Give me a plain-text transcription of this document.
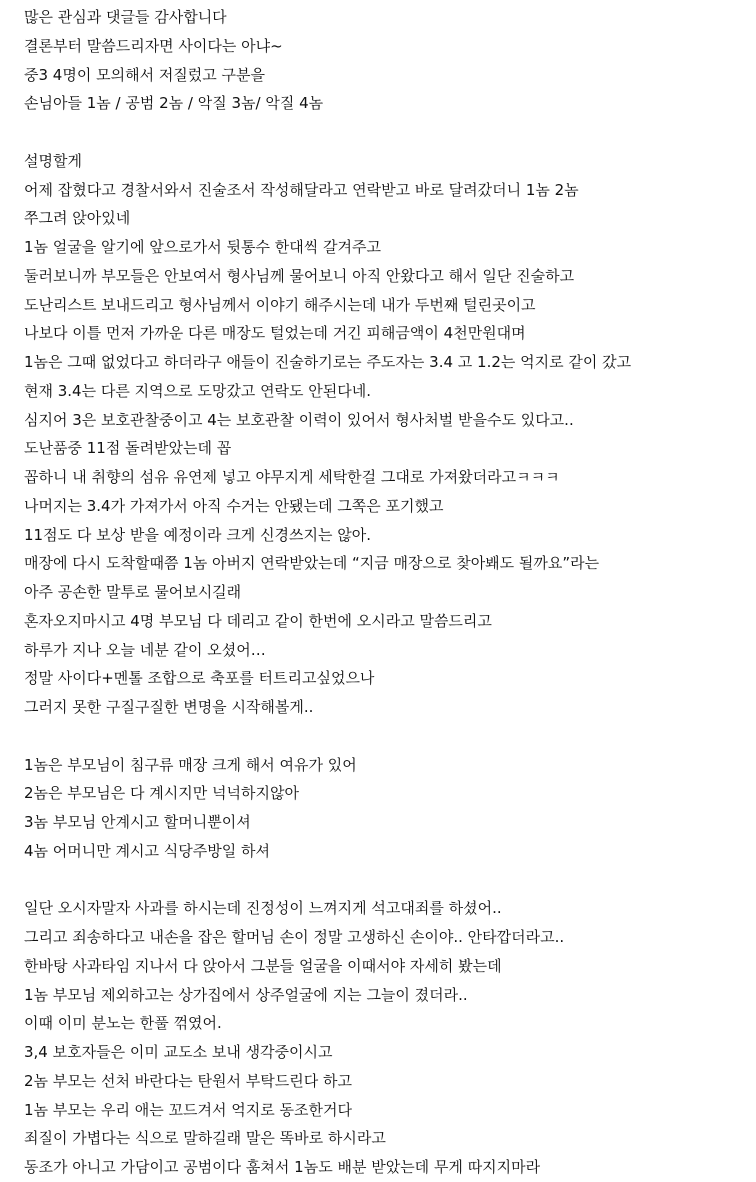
많은 관심과 댓글들 감사합니다
결론부터 말씀드리자면 사이다는 아냐~
중3 4명이 모의해서 저질렀고 구분을
손님아들 1놈 / 공범 2놈 / 악질 3놈/ 악질 4놈
설명할게
어제 잡혔다고 경찰서와서 진술조서 작성해달라고 연락받고 바로 달려갔더니 1놈 2놈
쭈그려 앉아있네
1놈 얼굴을 알기에 앞으로가서 뒷통수 한대씩 갈겨주고
둘러보니까 부모들은 안보여서 형사님께 물어보니 아직 안왔다고 해서 일단 진술하고
도난리스트 보내드리고 형사님께서 이야기 해주시는데 내가 두번째 털린곳이고
나보다 이틀 먼저 가까운 다른 매장도 털었는데 거긴 피해금액이 4천만원대며
1놈은 그때 없었다고 하더라구 애들이 진술하기로는 주도자는 3.4 고 1.2는 억지로 같이 갔고
현재 3.4는 다른 지역으로 도망갔고 연락도 안된다네.
심지어 3은 보호관찰중이고 4는 보호관찰 이력이 있어서 형사처벌 받을수도 있다고..
도난품중 11점 돌려받았는데 꼽
꼽하니 내 취향의 섬유 유연제 넣고 야무지게 세탁한걸 그대로 가져왔더라고ㅋㅋㅋ
나머지는 3.4가 가져가서 아직 수거는 안됐는데 그쪽은 포기했고
11점도 다 보상 받을 예정이라 크게 신경쓰지는 않아.
매장에 다시 도착할때쯤 1놈 아버지 연락받았는데 “지금 매장으로 찾아봬도 될까요”라는
아주 공손한 말투로 물어보시길래
혼자오지마시고 4명 부모님 다 데리고 같이 한번에 오시라고 말씀드리고
하루가 지나 오늘 네분 같이 오셨어…
정말 사이다+멘톨 조합으로 축포를 터트리고싶었으나
그러지 못한 구질구질한 변명을 시작해볼게..
1놈은 부모님이 침구류 매장 크게 해서 여유가 있어
2놈은 부모님은 다 계시지만 넉넉하지않아
3놈 부모님 안계시고 할머니뿐이셔
4놈 어머니만 계시고 식당주방일 하셔
일단 오시자말자 사과를 하시는데 진정성이 느껴지게 석고대죄를 하셨어..
그리고 죄송하다고 내손을 잡은 할머님 손이 정말 고생하신 손이야.. 안타깝더라고..
한바탕 사과타임 지나서 다 앉아서 그분들 얼굴을 이때서야 자세히 봤는데
1놈 부모님 제외하고는 상가집에서 상주얼굴에 지는 그늘이 졌더라..
이때 이미 분노는 한풀 꺾였어.
3,4 보호자들은 이미 교도소 보내 생각중이시고
2놈 부모는 선처 바란다는 탄원서 부탁드린다 하고
1놈 부모는 우리 애는 꼬드겨서 억지로 동조한거다
죄질이 가볍다는 식으로 말하길래 말은 똑바로 하시라고
동조가 아니고 가담이고 공범이다 훔쳐서 1놈도 배분 받았는데 무게 따지지마라
